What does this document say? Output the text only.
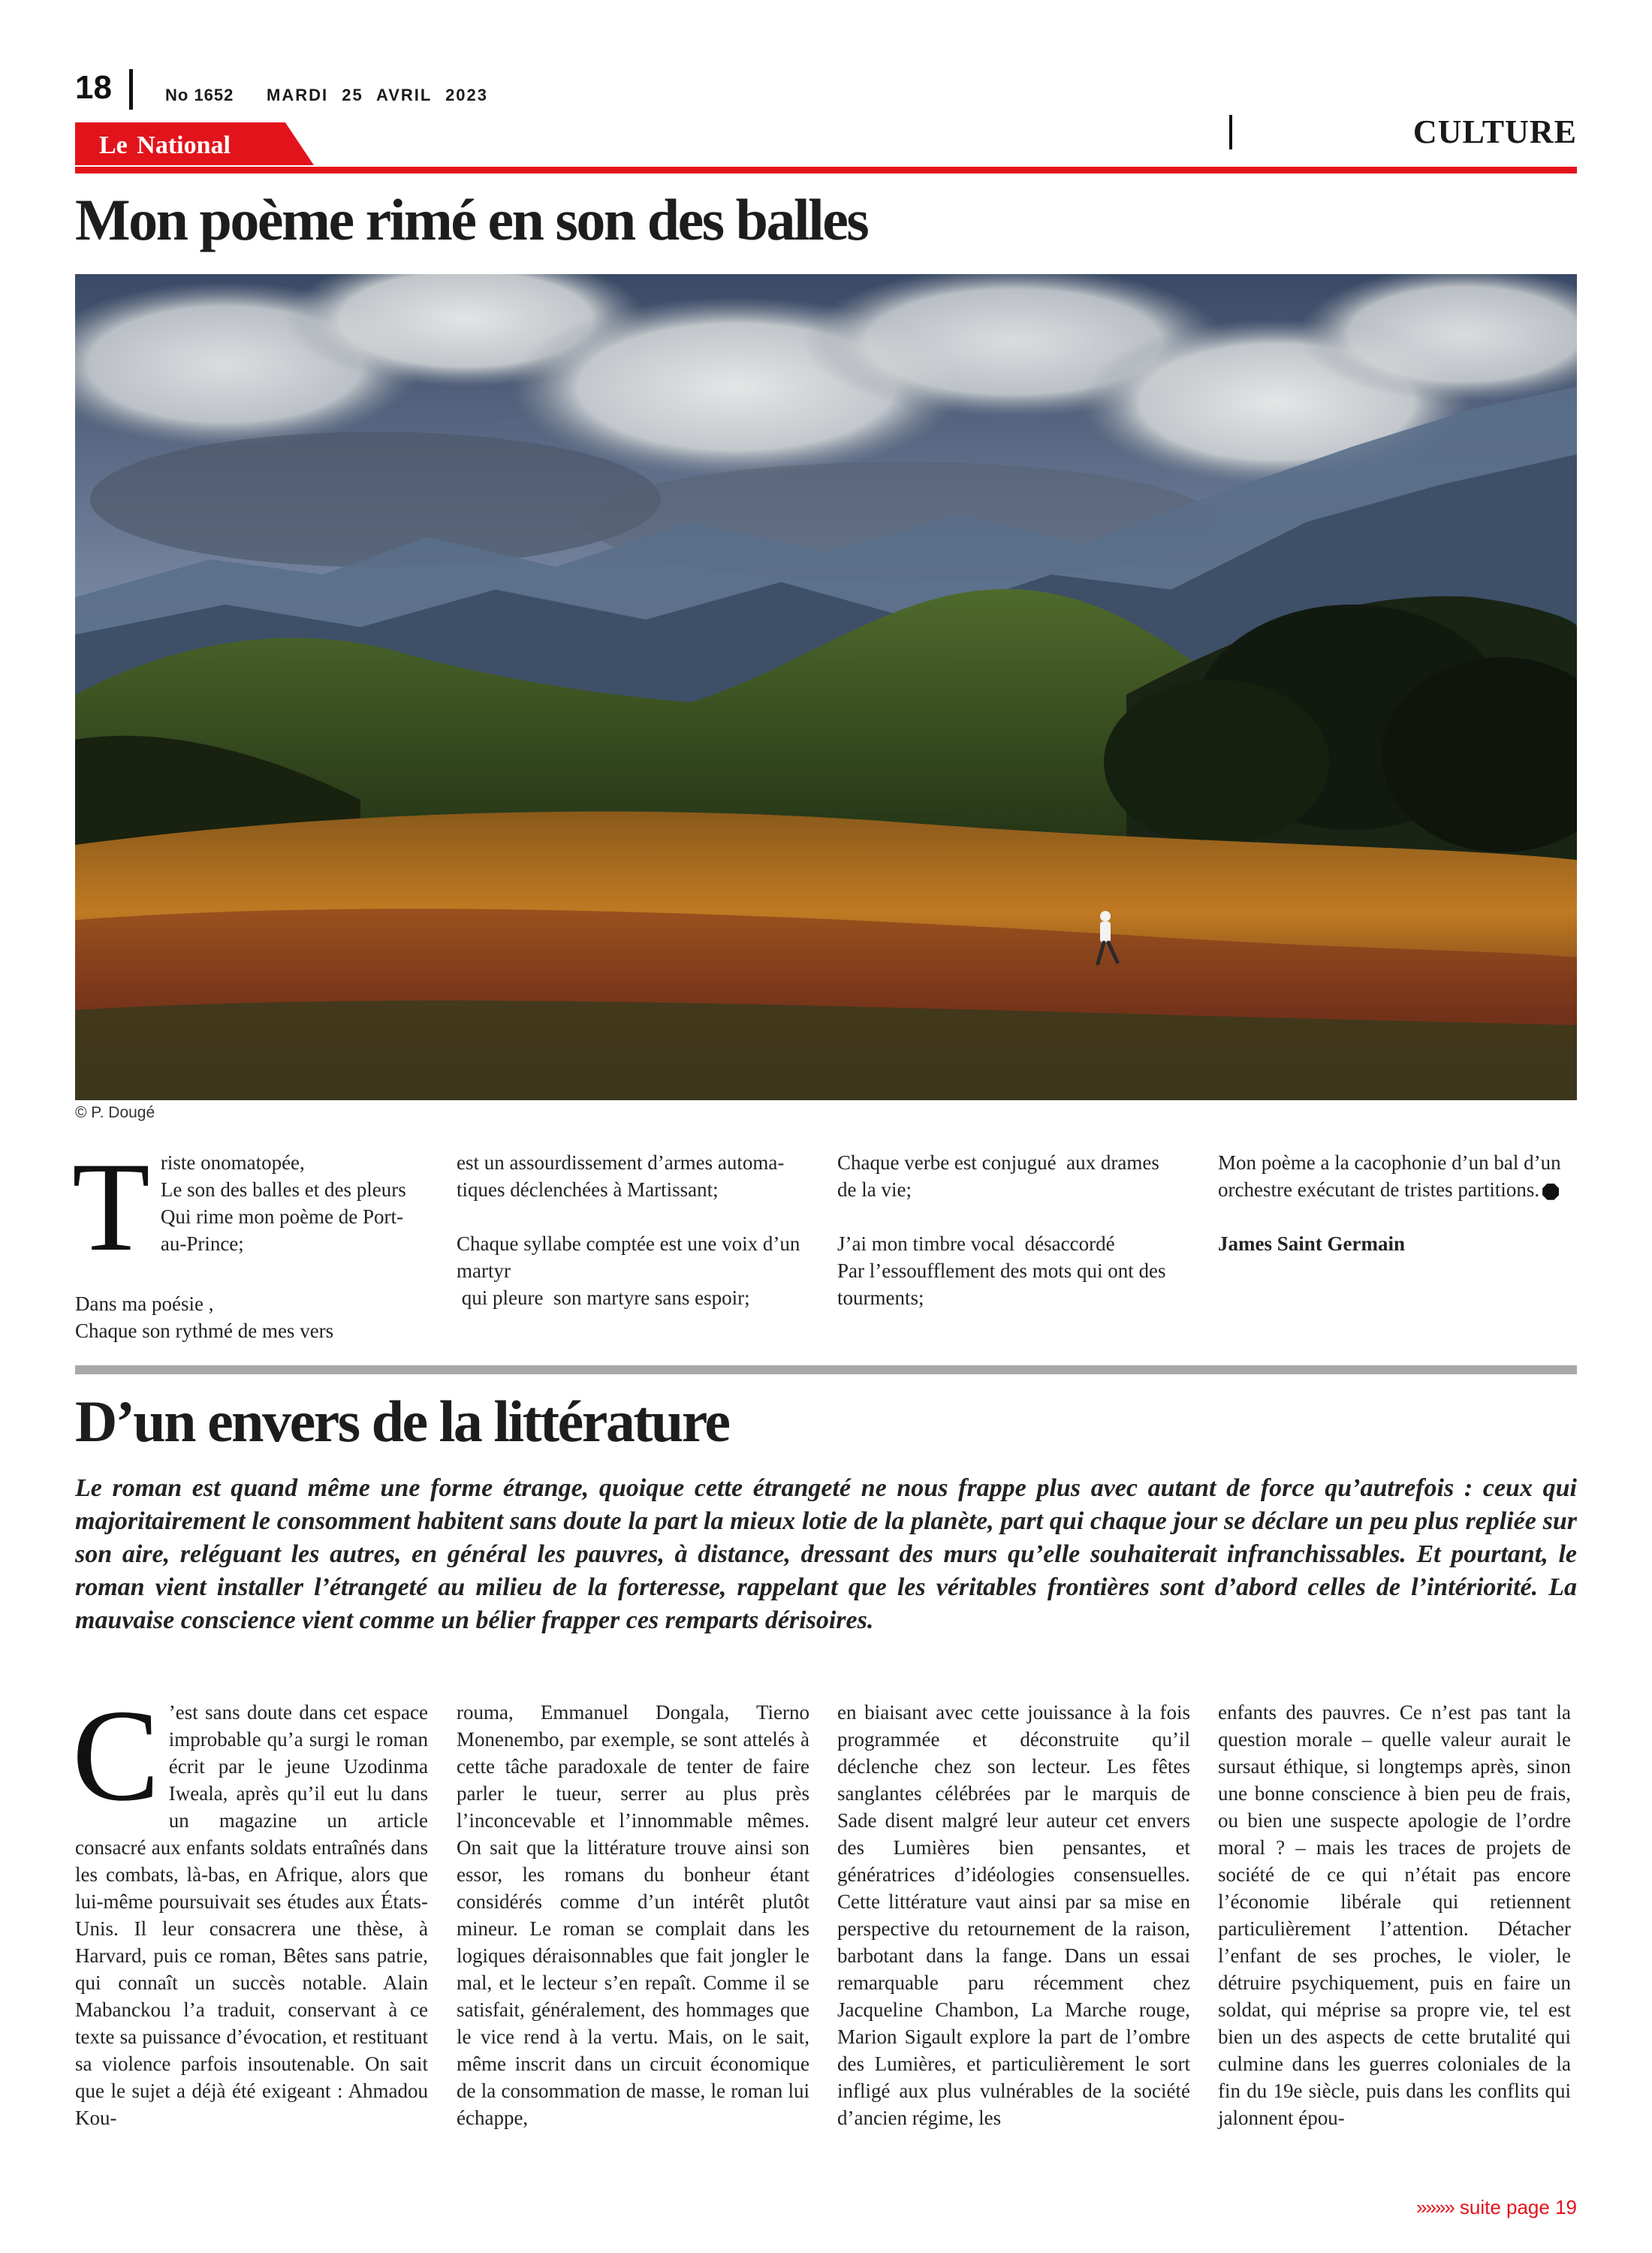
18	No 1652 MARDI 25 AVRIL 2023
CULTURE
Le National
Mon poème rimé en son des balles
© P. Dougé
T riste onomatopée,

Le son des balles et des pleurs

Qui rime mon poème de Port-

au-Prince;

Dans ma poésie ,

Chaque son rythmé de mes vers

est un assourdissement d’armes automa-

tiques déclenchées à Martissant;

Chaque syllabe comptée est une voix d’un

martyr

qui pleure  son martyre sans espoir;

Chaque verbe est conjugué  aux drames

de la vie;

J’ai mon timbre vocal  désaccordé

Par l’essoufflement des mots qui ont des

tourments;

Mon poème a la cacophonie d’un bal d’un

orchestre exécutant de tristes partitions.

James Saint Germain

D’un envers de la littérature
Le roman est quand même une forme étrange, quoique cette étrangeté ne nous frappe plus avec autant de force qu’autrefois : ceux qui majoritairement le consomment habitent sans doute la part la mieux lotie de la planète, part qui chaque jour se déclare un peu plus repliée sur son aire, reléguant les autres, en général les pauvres, à distance, dressant des murs qu’elle souhaiterait infranchissables. Et pourtant, le roman vient installer l’étrangeté au milieu de la forteresse, rappelant que les véritables frontières sont d’abord celles de l’intériorité. La mauvaise conscience vient comme un bélier frapper ces remparts dérisoires.
C ’est sans doute dans cet espace improbable qu’a surgi le roman écrit par le jeune Uzodinma Iweala, après qu’il eut lu dans un magazine un article consacré aux enfants soldats entraînés dans les combats, là-bas, en Afrique, alors que lui-même poursuivait ses études aux États-Unis. Il leur consacrera une thèse, à Harvard, puis ce roman, Bêtes sans patrie, qui connaît un succès notable. Alain Mabanckou l’a traduit, conservant à ce texte sa puissance d’évocation, et restituant sa violence parfois insoutenable. On sait que le sujet a déjà été exigeant : Ahmadou Kou-
rouma, Emmanuel Dongala, Tierno Monenembo, par exemple, se sont attelés à cette tâche paradoxale de tenter de faire parler le tueur, serrer au plus près l’inconcevable et l’innommable mêmes. On sait que la littérature trouve ainsi son essor, les romans du bonheur étant considérés comme d’un intérêt plutôt mineur. Le roman se complait dans les logiques déraisonnables que fait jongler le mal, et le lecteur s’en repaît. Comme il se satisfait, généralement, des hommages que le vice rend à la vertu. Mais, on le sait, même inscrit dans un circuit économique de la consommation de masse, le roman lui échappe,
en biaisant avec cette jouissance à la fois programmée et déconstruite qu’il déclenche chez son lecteur. Les fêtes sanglantes célébrées par le marquis de Sade disent malgré leur auteur cet envers des Lumières bien pensantes, et génératrices d’idéologies consensuelles. Cette littérature vaut ainsi par sa mise en perspective du retournement de la raison, barbotant dans la fange. Dans un essai remarquable paru récemment chez Jacqueline Chambon, La Marche rouge, Marion Sigault explore la part de l’ombre des Lumières, et particulièrement le sort infligé aux plus vulnérables de la société d’ancien régime, les
enfants des pauvres. Ce n’est pas tant la question morale – quelle valeur aurait le sursaut éthique, si longtemps après, sinon une bonne conscience à bien peu de frais, ou bien une suspecte apologie de l’ordre moral ? – mais les traces de projets de société de ce qui n’était pas encore l’économie libérale qui retiennent particulièrement l’attention. Détacher l’enfant de ses proches, le violer, le détruire psychiquement, puis en faire un soldat, qui méprise sa propre vie, tel est bien un des aspects de cette brutalité qui culmine dans les guerres coloniales de la fin du 19e siècle, puis dans les conflits qui jalonnent épou-
»»»» suite page 19
